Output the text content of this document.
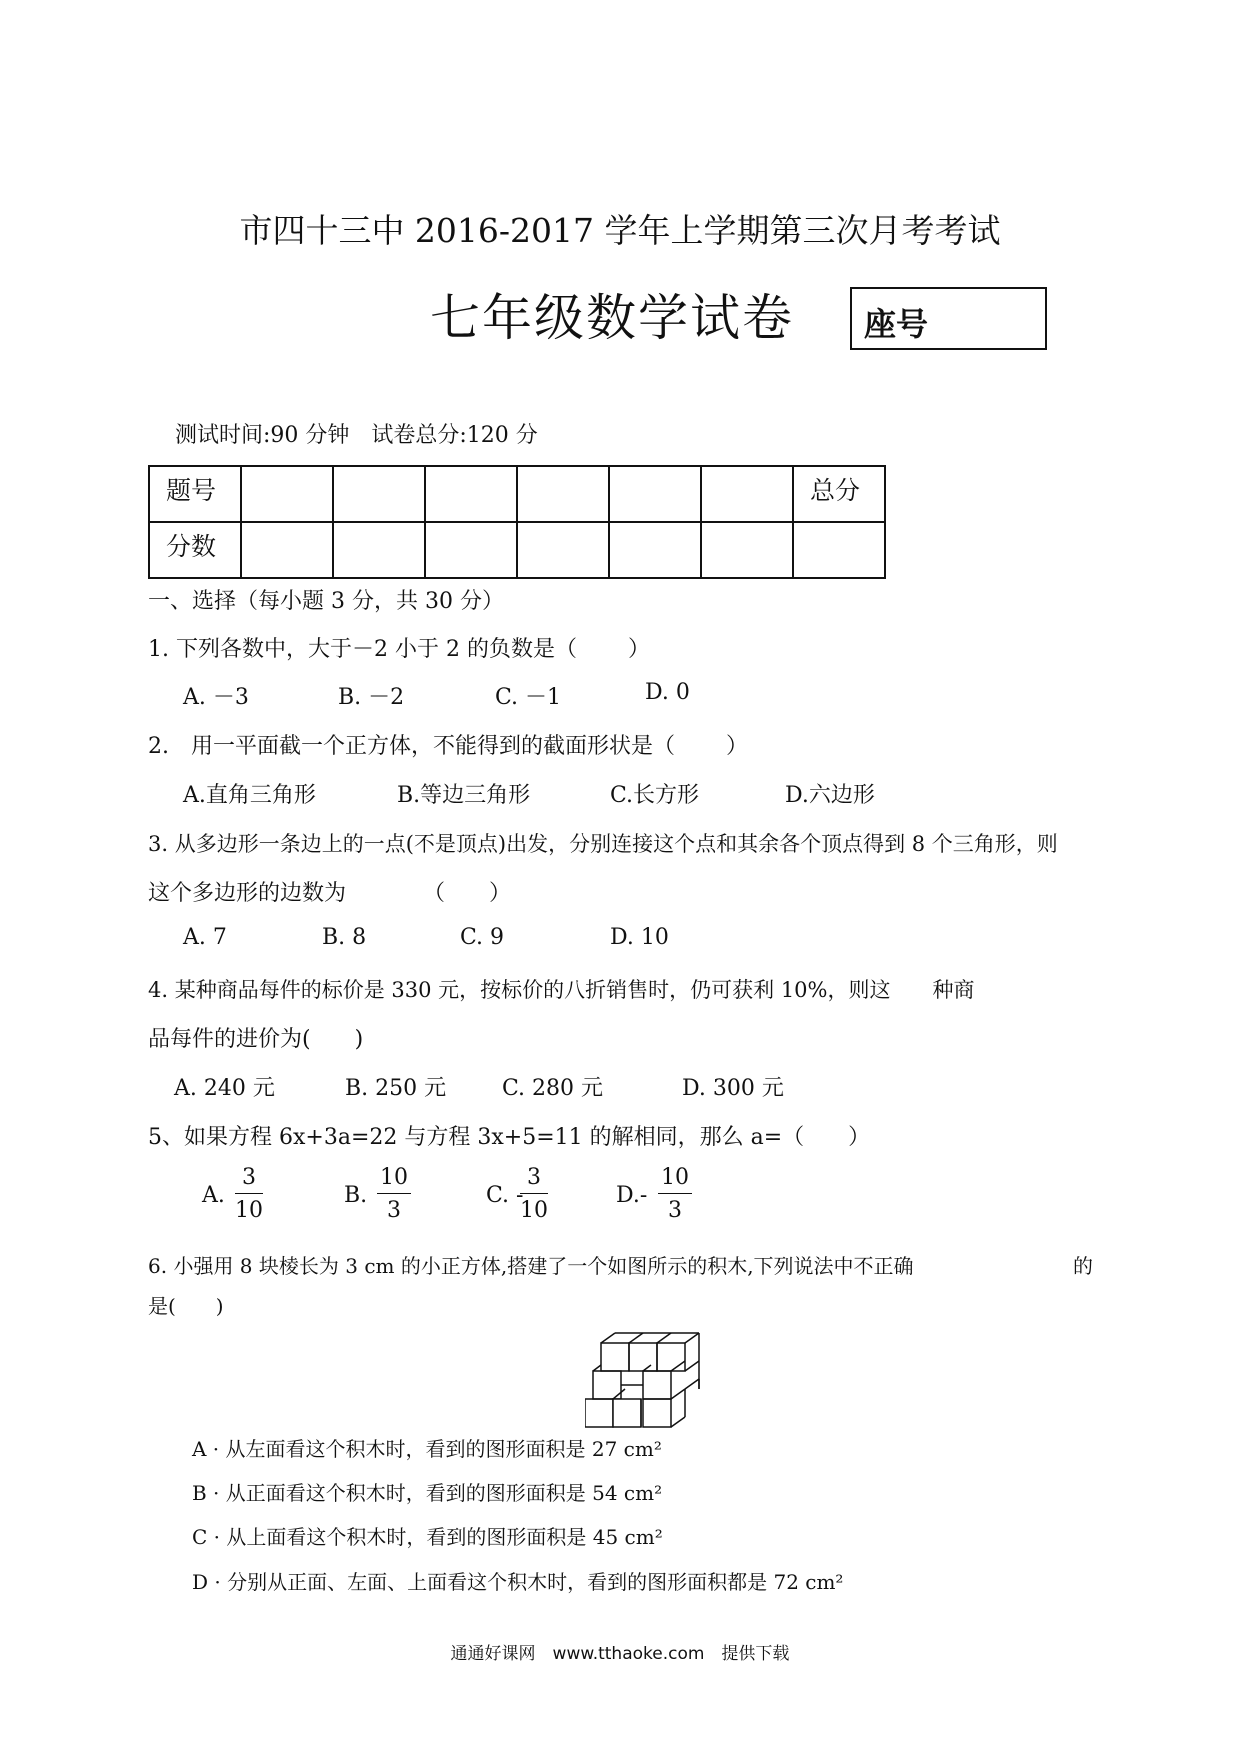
市四十三中 2016-2017 学年上学期第三次月考考试
七年级数学试卷 座号
测试时间:90 分钟　试卷总分:120 分
题号							总分
分数							
一、选择（每小题 3 分，共 30 分）
1. 下列各数中，大于－2 小于 2 的负数是（　　 ）
A. －3	B. －2	C. －1	D. 0
2.　用一平面截一个正方体，不能得到的截面形状是（　　 ）
A.直角三角形	B.等边三角形	C.长方形	D.六边形
3. 从多边形一条边上的一点(不是顶点)出发，分别连接这个点和其余各个顶点得到 8 个三角形，则
这个多边形的边数为　　　　（　　）
A. 7	B. 8	C. 9	D. 10
4. 某种商品每件的标价是 330 元，按标价的八折销售时，仍可获利 10%，则这　　种商
品每件的进价为(　　)
A. 240 元	B. 250 元	C. 280 元	D. 300 元
5、如果方程 6x+3a=22 与方程 3x+5=11 的解相同，那么 a=（　　）
A. $\frac{3}{10}$	B. $\frac{10}{3}$	C. -
$\frac{3}{10}$	$D.- \frac{10}{3}$
6. 小强用 8 块棱长为 3 cm 的小正方体,搭建了一个如图所示的积木,下列说法中不正确	的
是(　　)
A · 从左面看这个积木时，看到的图形面积是 27 cm²
B · 从正面看这个积木时，看到的图形面积是 54 cm²
C · 从上面看这个积木时，看到的图形面积是 45 cm²
D · 分别从正面、左面、上面看这个积木时，看到的图形面积都是 72 cm²
通通好课网　www.tthaoke.com　提供下载
